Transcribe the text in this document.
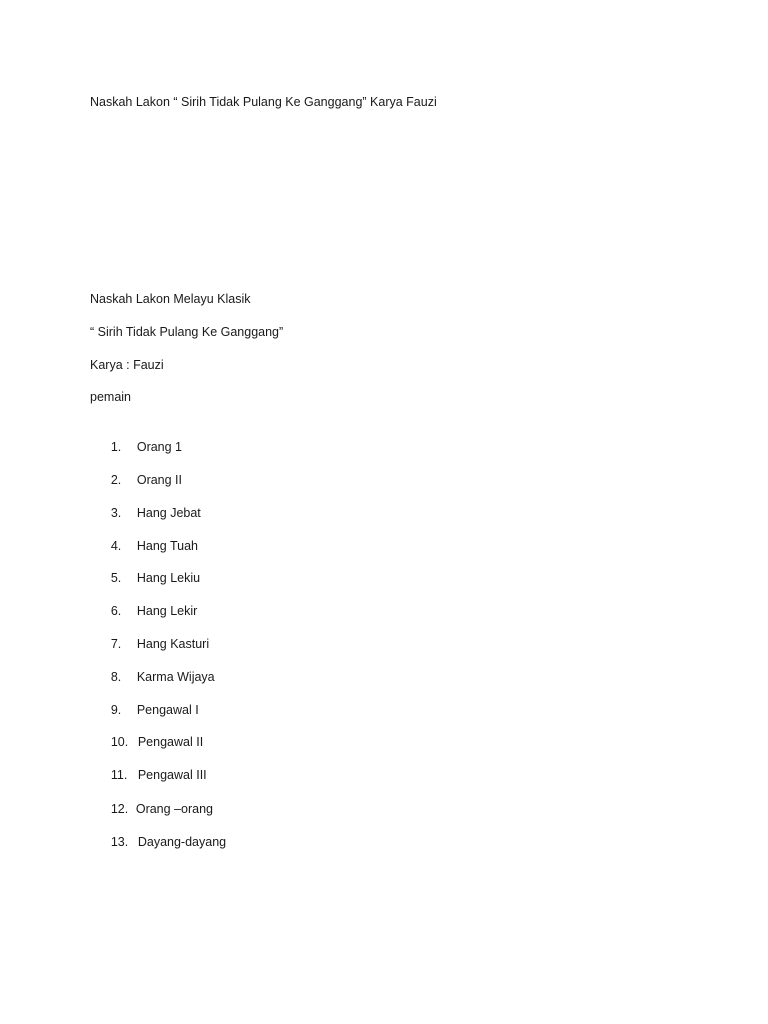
Naskah Lakon “ Sirih Tidak Pulang Ke Ganggang” Karya Fauzi
Naskah Lakon Melayu Klasik
“ Sirih Tidak Pulang Ke Ganggang”
Karya : Fauzi
pemain

1. Orang 1

2. Orang II

3. Hang Jebat

4. Hang Tuah

5. Hang Lekiu

6. Hang Lekir

7. Hang Kasturi

8. Karma Wijaya

9. Pengawal I

10. Pengawal II

11. Pengawal III

12. Orang –orang

13. Dayang-dayang
